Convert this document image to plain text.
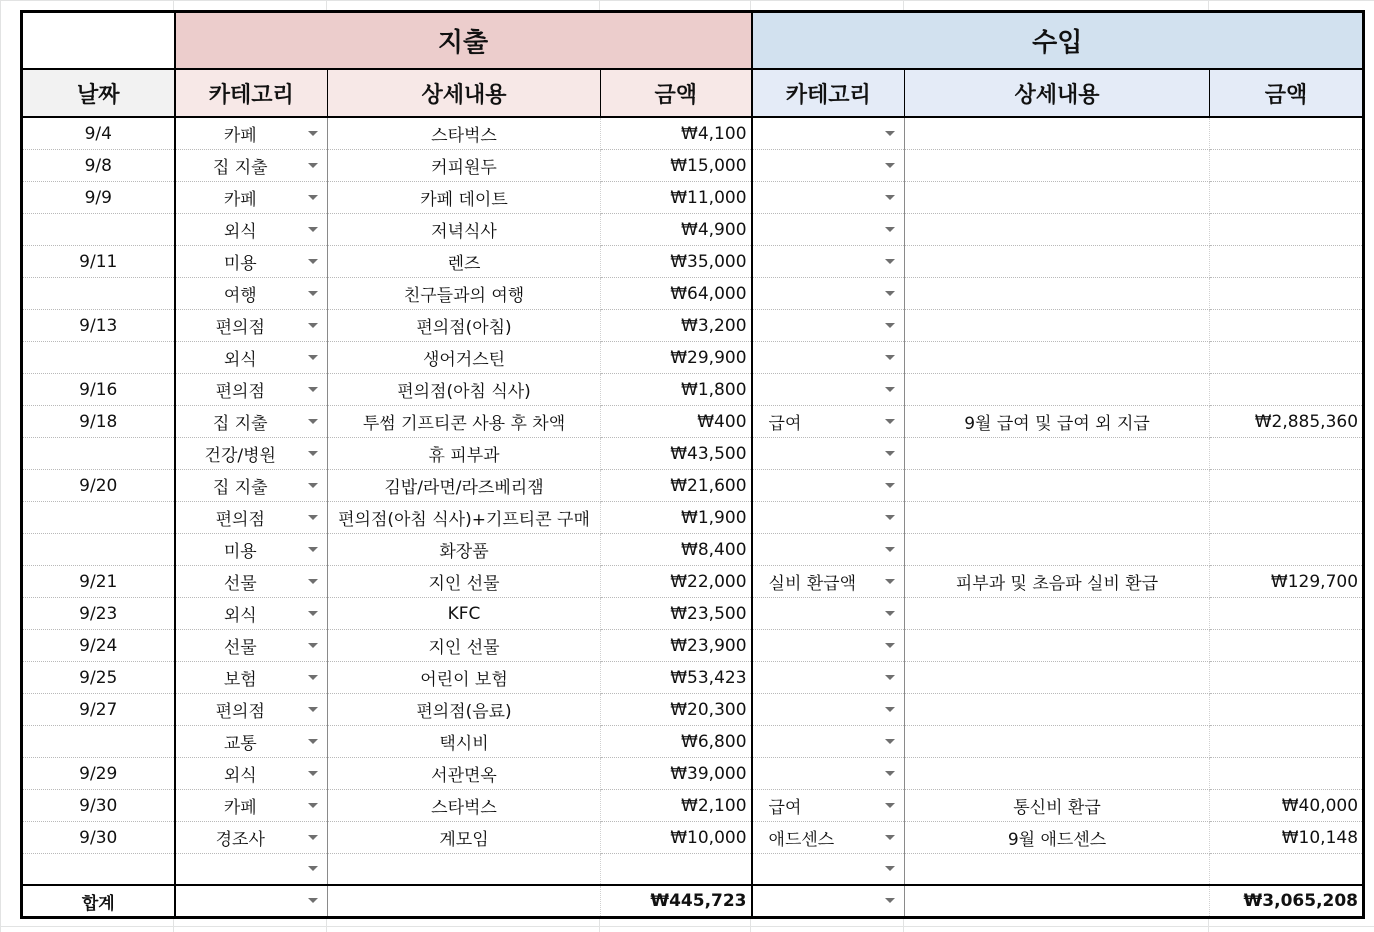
	지출			수입		
날짜	카테고리	상세내용	금액	카테고리	상세내용	금액
9/4	카페	스타벅스	₩4,100	

9/8	집 지출	커피원두	₩15,000	

9/9	카페	카페 데이트	₩11,000	

	외식	저녁식사	₩4,900	

9/11	미용	렌즈	₩35,000	

	여행	친구들과의 여행	₩64,000	

9/13	편의점	편의점(아침)	₩3,200	

	외식	생어거스틴	₩29,900	

9/16	편의점	편의점(아침 식사)	₩1,800	

9/18	집 지출	투썸 기프티콘 사용 후 차액	₩400	급여	9월 급여 및 급여 외 지급	₩2,885,360

	건강/병원	휴 피부과	₩43,500	

9/20	집 지출	김밥/라면/라즈베리잼	₩21,600	

	편의점	편의점(아침 식사)+기프티콘 구매	₩1,900	

	미용	화장품	₩8,400	

9/21	선물	지인 선물	₩22,000	실비 환급액	피부과 및 초음파 실비 환급	₩129,700
9/23	외식	KFC	₩23,500	

9/24	선물	지인 선물	₩23,900	

9/25	보험	어린이 보험	₩53,423	

9/27	편의점	편의점(음료)	₩20,300	

	교통	택시비	₩6,800	

9/29	외식	서관면옥	₩39,000	

9/30	카페	스타벅스	₩2,100	급여	통신비 환급	₩40,000
9/30	경조사	계모임	₩10,000	애드센스	9월 애드센스	₩10,148

합계			₩445,723			₩3,065,208
